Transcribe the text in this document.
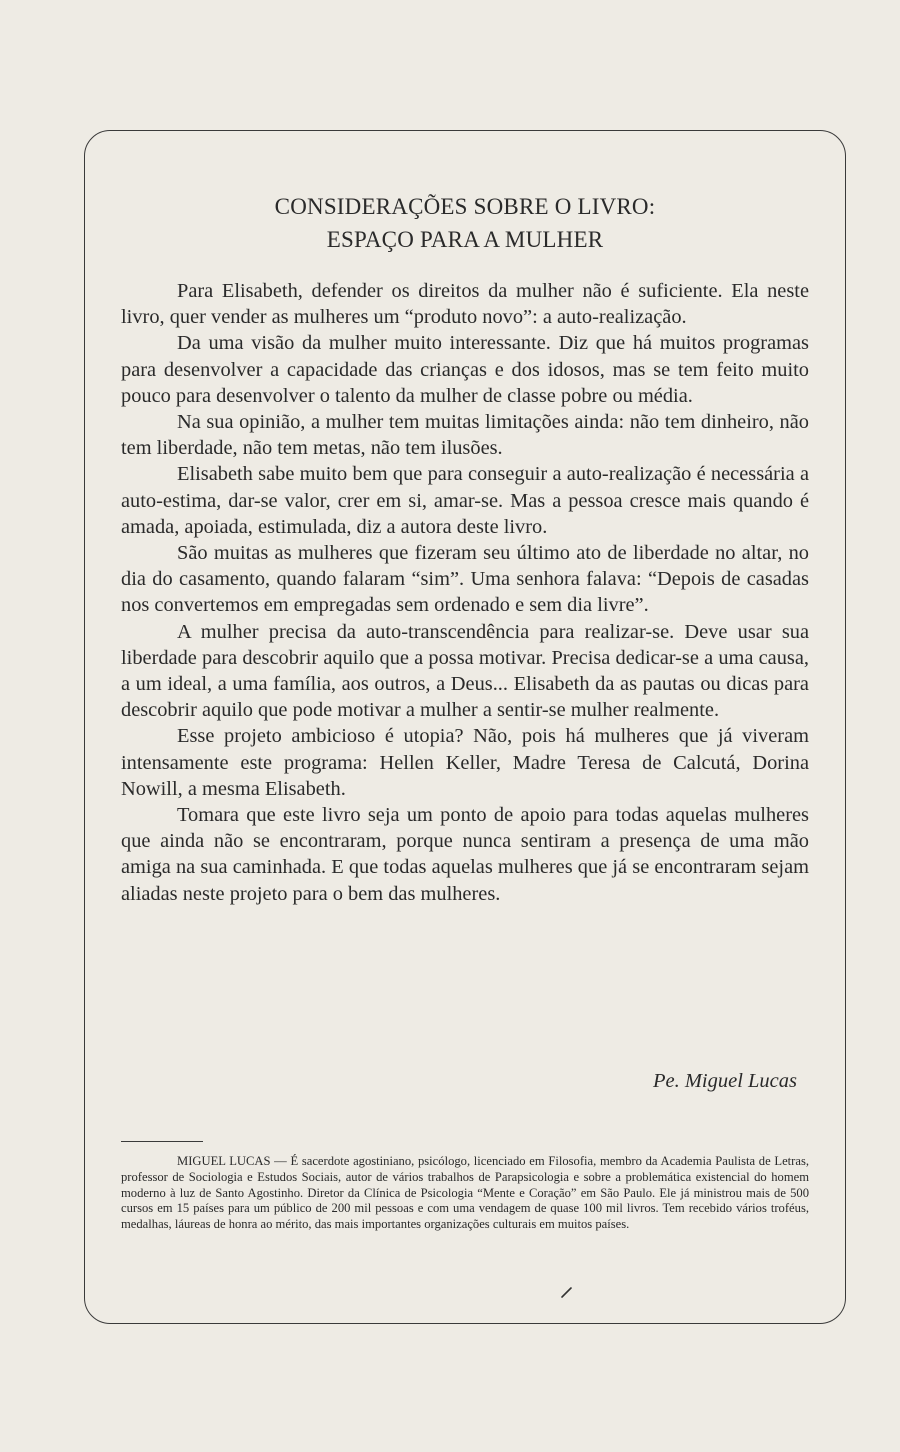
CONSIDERAÇÕES SOBRE O LIVRO:
ESPAÇO PARA A MULHER

Para Elisabeth, defender os direitos da mulher não é suficiente. Ela neste livro, quer vender as mulheres um “produto novo”: a auto-realização.

Da uma visão da mulher muito interessante. Diz que há muitos programas para desenvolver a capacidade das crianças e dos idosos, mas se tem feito muito pouco para desenvolver o talento da mulher de classe pobre ou média.

Na sua opinião, a mulher tem muitas limitações ainda: não tem dinheiro, não tem liberdade, não tem metas, não tem ilusões.

Elisabeth sabe muito bem que para conseguir a auto-realização é necessária a auto-estima, dar-se valor, crer em si, amar-se. Mas a pessoa cresce mais quando é amada, apoiada, estimulada, diz a autora deste livro.

São muitas as mulheres que fizeram seu último ato de liberdade no altar, no dia do casamento, quando falaram “sim”. Uma senhora falava: “Depois de casadas nos convertemos em empregadas sem ordenado e sem dia livre”.

A mulher precisa da auto-transcendência para realizar-se. Deve usar sua liberdade para descobrir aquilo que a possa motivar. Precisa dedicar-se a uma causa, a um ideal, a uma família, aos outros, a Deus... Elisabeth da as pautas ou dicas para descobrir aquilo que pode motivar a mulher a sentir-se mulher realmente.

Esse projeto ambicioso é utopia? Não, pois há mulheres que já viveram intensamente este programa: Hellen Keller, Madre Teresa de Calcutá, Dorina Nowill, a mesma Elisabeth.

Tomara que este livro seja um ponto de apoio para todas aquelas mulheres que ainda não se encontraram, porque nunca sentiram a presença de uma mão amiga na sua caminhada. E que todas aquelas mulheres que já se encontraram sejam aliadas neste projeto para o bem das mulheres.

Pe. Miguel Lucas
MIGUEL LUCAS — É sacerdote agostiniano, psicólogo, licenciado em Filosofia, membro da Academia Paulista de Letras, professor de Sociologia e Estudos Sociais, autor de vários trabalhos de Parapsicologia e sobre a problemática existencial do homem moderno à luz de Santo Agostinho. Diretor da Clínica de Psicologia “Mente e Coração” em São Paulo. Ele já ministrou mais de 500 cursos em 15 países para um público de 200 mil pessoas e com uma vendagem de quase 100 mil livros. Tem recebido vários troféus, medalhas, láureas de honra ao mérito, das mais importantes organizações culturais em muitos países.
